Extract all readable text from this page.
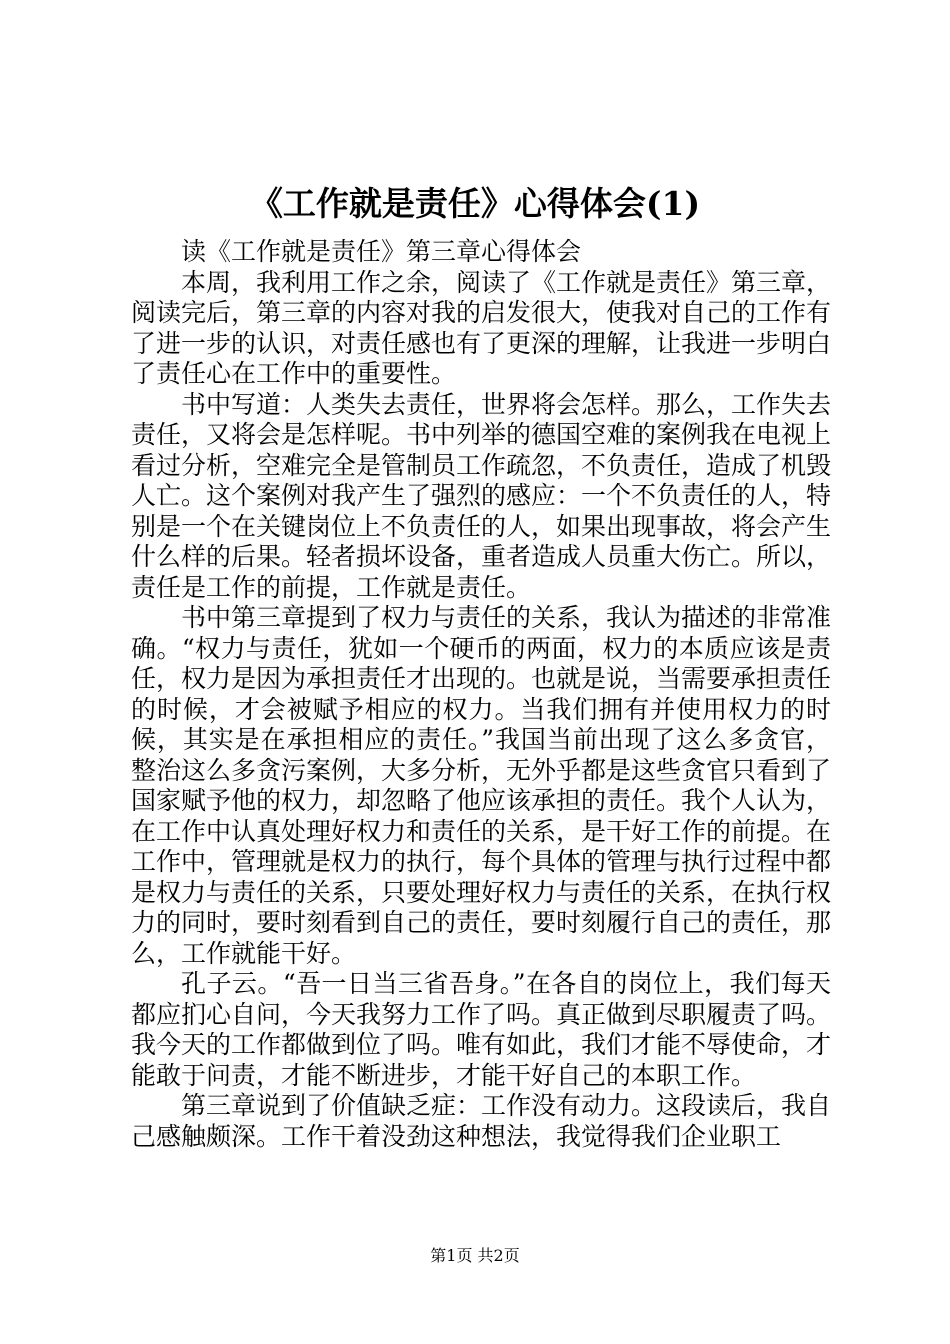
《工作就是责任》心得体会(1)

读《工作就是责任》第三章心得体会

本周，我利用工作之余，阅读了《工作就是责任》第三章，阅读完后，第三章的内容对我的启发很大，使我对自己的工作有了进一步的认识，对责任感也有了更深的理解，让我进一步明白了责任心在工作中的重要性。

书中写道：人类失去责任，世界将会怎样。那么，工作失去责任，又将会是怎样呢。书中列举的德国空难的案例我在电视上看过分析，空难完全是管制员工作疏忽，不负责任，造成了机毁人亡。这个案例对我产生了强烈的感应：一个不负责任的人，特别是一个在关键岗位上不负责任的人，如果出现事故，将会产生什么样的后果。轻者损坏设备，重者造成人员重大伤亡。所以，责任是工作的前提，工作就是责任。

书中第三章提到了权力与责任的关系，我认为描述的非常准确。“权力与责任，犹如一个硬币的两面，权力的本质应该是责任，权力是因为承担责任才出现的。也就是说，当需要承担责任的时候，才会被赋予相应的权力。当我们拥有并使用权力的时候，其实是在承担相应的责任。”我国当前出现了这么多贪官，整治这么多贪污案例，大多分析，无外乎都是这些贪官只看到了国家赋予他的权力，却忽略了他应该承担的责任。我个人认为，在工作中认真处理好权力和责任的关系，是干好工作的前提。在工作中，管理就是权力的执行，每个具体的管理与执行过程中都是权力与责任的关系，只要处理好权力与责任的关系，在执行权力的同时，要时刻看到自己的责任，要时刻履行自己的责任，那么，工作就能干好。

孔子云。“吾一日当三省吾身。”在各自的岗位上，我们每天都应扪心自问，今天我努力工作了吗。真正做到尽职履责了吗。我今天的工作都做到位了吗。唯有如此，我们才能不辱使命，才能敢于问责，才能不断进步，才能干好自己的本职工作。

第三章说到了价值缺乏症：工作没有动力。这段读后，我自己感触颇深。工作干着没劲这种想法，我觉得我们企业职工

第1页 共2页
